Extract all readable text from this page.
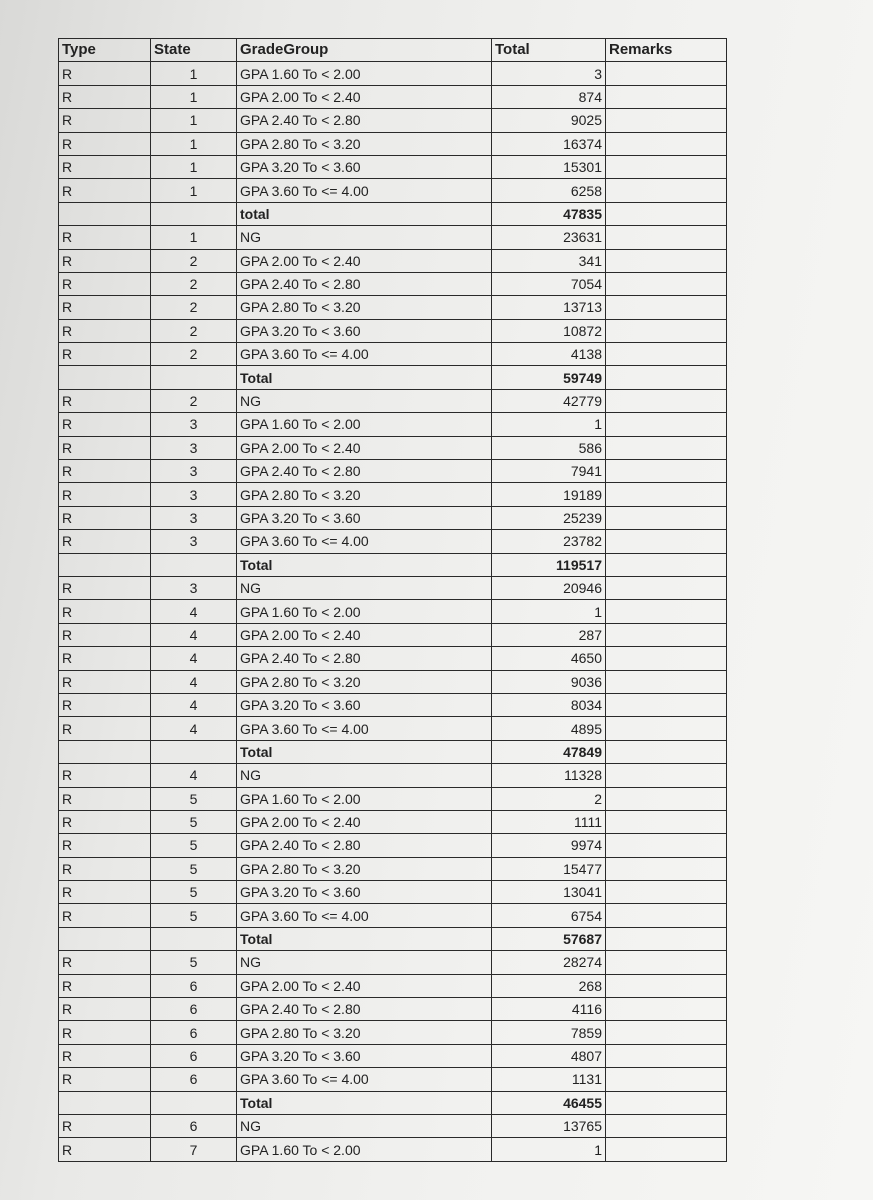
Type	State	GradeGroup	Total	Remarks
R	1	GPA 1.60 To < 2.00	3	
R	1	GPA 2.00 To < 2.40	874	
R	1	GPA 2.40 To < 2.80	9025	
R	1	GPA 2.80 To < 3.20	16374	
R	1	GPA 3.20 To < 3.60	15301	
R	1	GPA 3.60 To <= 4.00	6258	
		total	47835	
R	1	NG	23631	
R	2	GPA 2.00 To < 2.40	341	
R	2	GPA 2.40 To < 2.80	7054	
R	2	GPA 2.80 To < 3.20	13713	
R	2	GPA 3.20 To < 3.60	10872	
R	2	GPA 3.60 To <= 4.00	4138	
		Total	59749	
R	2	NG	42779	
R	3	GPA 1.60 To < 2.00	1	
R	3	GPA 2.00 To < 2.40	586	
R	3	GPA 2.40 To < 2.80	7941	
R	3	GPA 2.80 To < 3.20	19189	
R	3	GPA 3.20 To < 3.60	25239	
R	3	GPA 3.60 To <= 4.00	23782	
		Total	119517	
R	3	NG	20946	
R	4	GPA 1.60 To < 2.00	1	
R	4	GPA 2.00 To < 2.40	287	
R	4	GPA 2.40 To < 2.80	4650	
R	4	GPA 2.80 To < 3.20	9036	
R	4	GPA 3.20 To < 3.60	8034	
R	4	GPA 3.60 To <= 4.00	4895	
		Total	47849	
R	4	NG	11328	
R	5	GPA 1.60 To < 2.00	2	
R	5	GPA 2.00 To < 2.40	1111	
R	5	GPA 2.40 To < 2.80	9974	
R	5	GPA 2.80 To < 3.20	15477	
R	5	GPA 3.20 To < 3.60	13041	
R	5	GPA 3.60 To <= 4.00	6754	
		Total	57687	
R	5	NG	28274	
R	6	GPA 2.00 To < 2.40	268	
R	6	GPA 2.40 To < 2.80	4116	
R	6	GPA 2.80 To < 3.20	7859	
R	6	GPA 3.20 To < 3.60	4807	
R	6	GPA 3.60 To <= 4.00	1131	
		Total	46455	
R	6	NG	13765	
R	7	GPA 1.60 To < 2.00	1	
